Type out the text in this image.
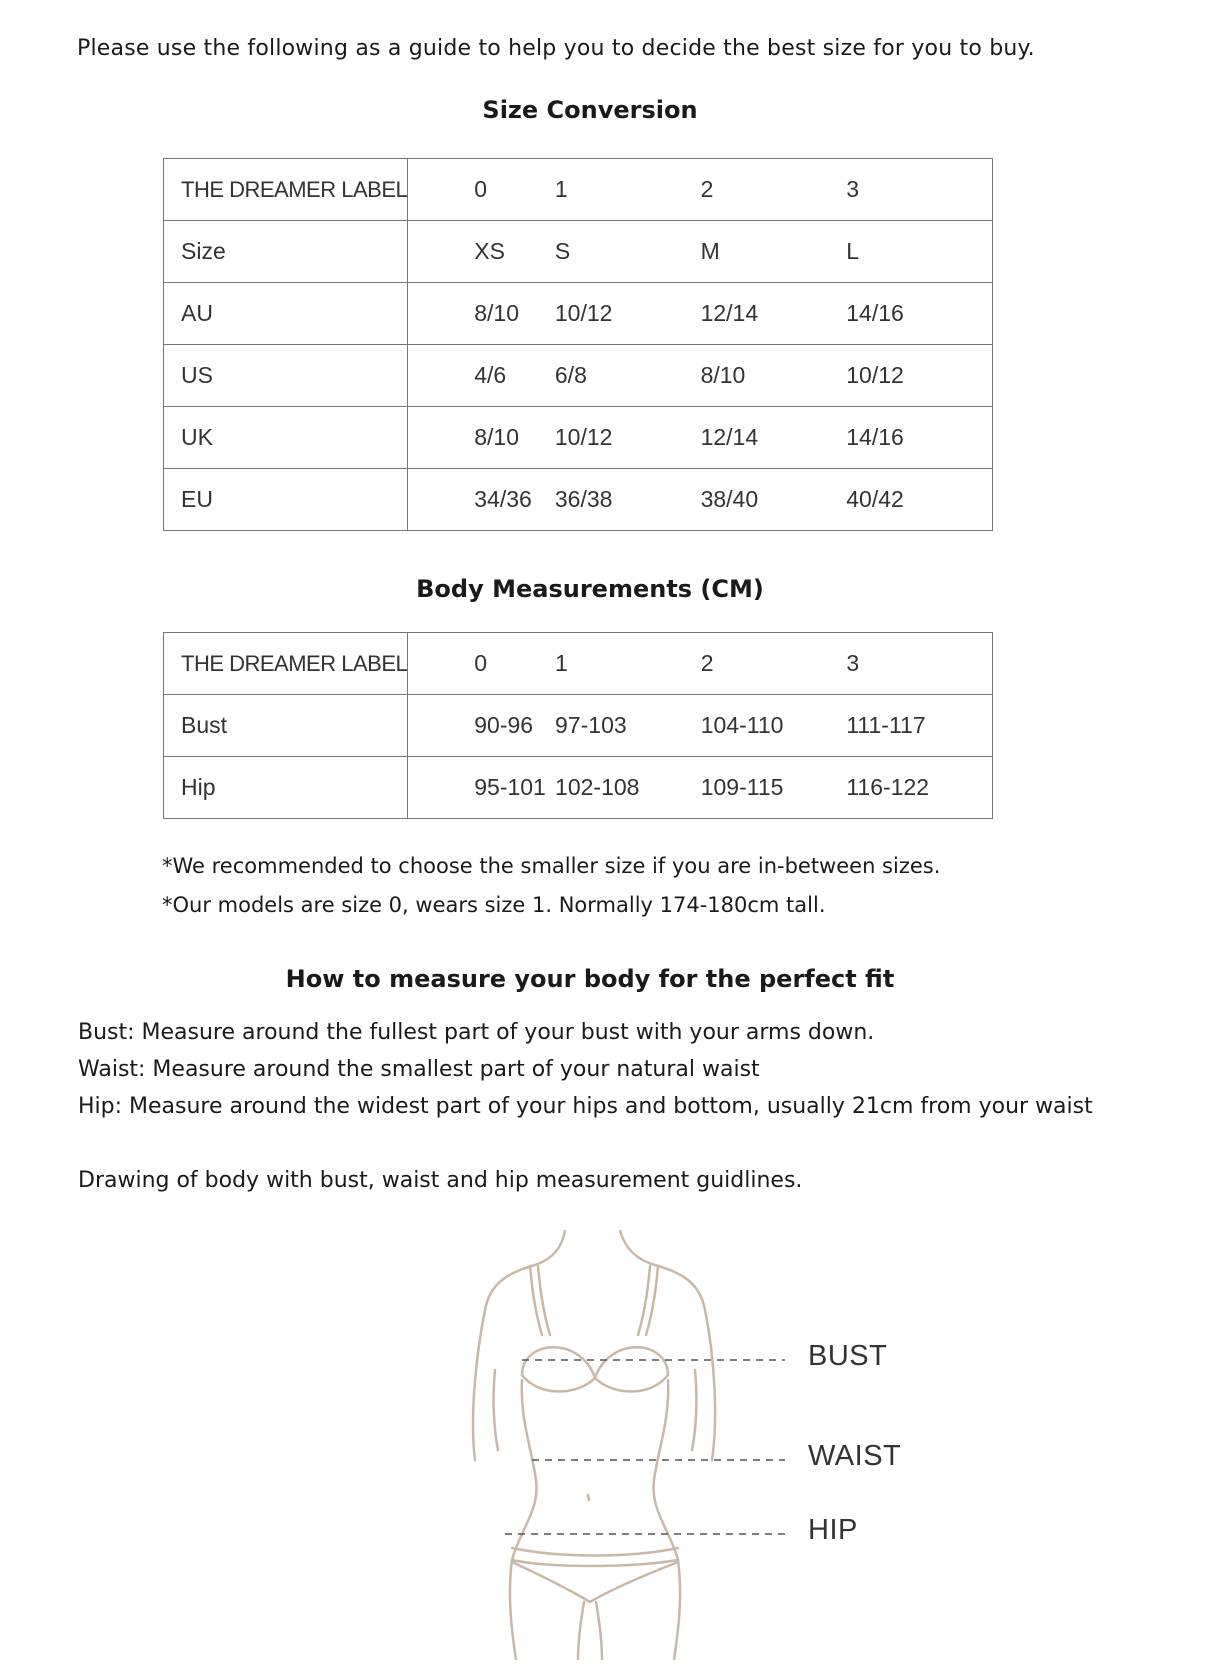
Please use the following as a guide to help you to decide the best size for you to buy.
Size Conversion
THE DREAMER LABEL	0	1	2	3
Size	XS	S	M	L
AU	8/10	10/12	12/14	14/16
US	4/6	6/8	8/10	10/12
UK	8/10	10/12	12/14	14/16
EU	34/36	36/38	38/40	40/42
Body Measurements (CM)
THE DREAMER LABEL	0	1	2	3
Bust	90-96	97-103	104-110	111-117
Hip	95-101	102-108	109-115	116-122
*We recommended to choose the smaller size if you are in-between sizes.
*Our models are size 0, wears size 1. Normally 174-180cm tall.
How to measure your body for the perfect fit
Bust: Measure around the fullest part of your bust with your arms down.
Waist: Measure around the smallest part of your natural waist
Hip: Measure around the widest part of your hips and bottom, usually 21cm from your waist
Drawing of body with bust, waist and hip measurement guidlines.
BUST
WAIST
HIP
